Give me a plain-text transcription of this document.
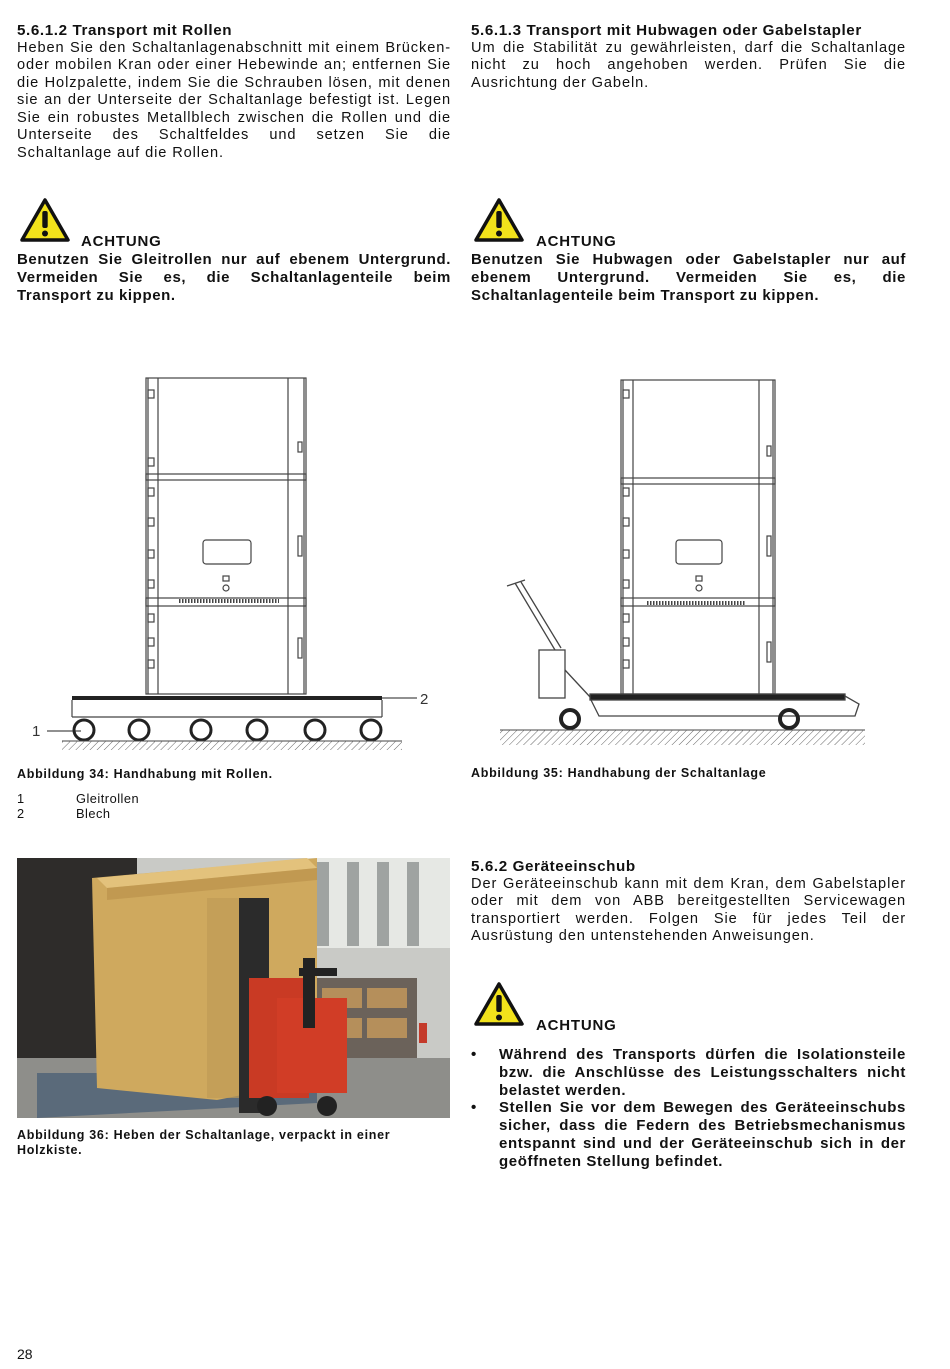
5.6.1.2 Transport mit Rollen

Heben Sie den Schaltanlagenabschnitt mit einem Brücken- oder mobilen Kran oder einer Hebewinde an; entfernen Sie die Holzpalette, indem Sie die Schrauben lösen, mit denen sie an der Unterseite der Schaltanlage befestigt ist. Legen Sie ein robustes Metallblech zwischen die Rollen und die Unterseite des Schaltfeldes und setzen Sie die Schaltanlage auf die Rollen.

ACHTUNG

Benutzen Sie Gleitrollen nur auf ebenem Untergrund. Vermeiden Sie es, die Schaltanlagenteile beim Transport zu kippen.

5.6.1.3 Transport mit Hubwagen oder Gabelstapler

Um die Stabilität zu gewährleisten, darf die Schaltanlage nicht zu hoch angehoben werden. Prüfen Sie die Ausrichtung der Gabeln.

ACHTUNG

Benutzen Sie Hubwagen oder Gabelstapler nur auf ebenem Untergrund. Vermeiden Sie es, die Schaltanlagenteile beim Transport zu kippen.

2
1
Abbildung 34: Handhabung mit Rollen.
1	Gleitrollen
2	Blech
Abbildung 35: Handhabung der Schaltanlage
Abbildung 36: Heben der Schaltanlage, verpackt in einer Holzkiste.
5.6.2 Geräteeinschub

Der Geräteeinschub kann mit dem Kran, dem Gabelstapler oder mit dem von ABB bereitgestellten Servicewagen transportiert werden. Folgen Sie für jedes Teil der Ausrüstung den untenstehenden Anweisungen.

ACHTUNG
• Während des Transports dürfen die Isolationsteile bzw. die Anschlüsse des Leistungsschalters nicht belastet werden.
• Stellen Sie vor dem Bewegen des Geräteeinschubs sicher, dass die Federn des Betriebsmechanismus entspannt sind und der Geräteeinschub sich in der geöffneten Stellung befindet.
28
